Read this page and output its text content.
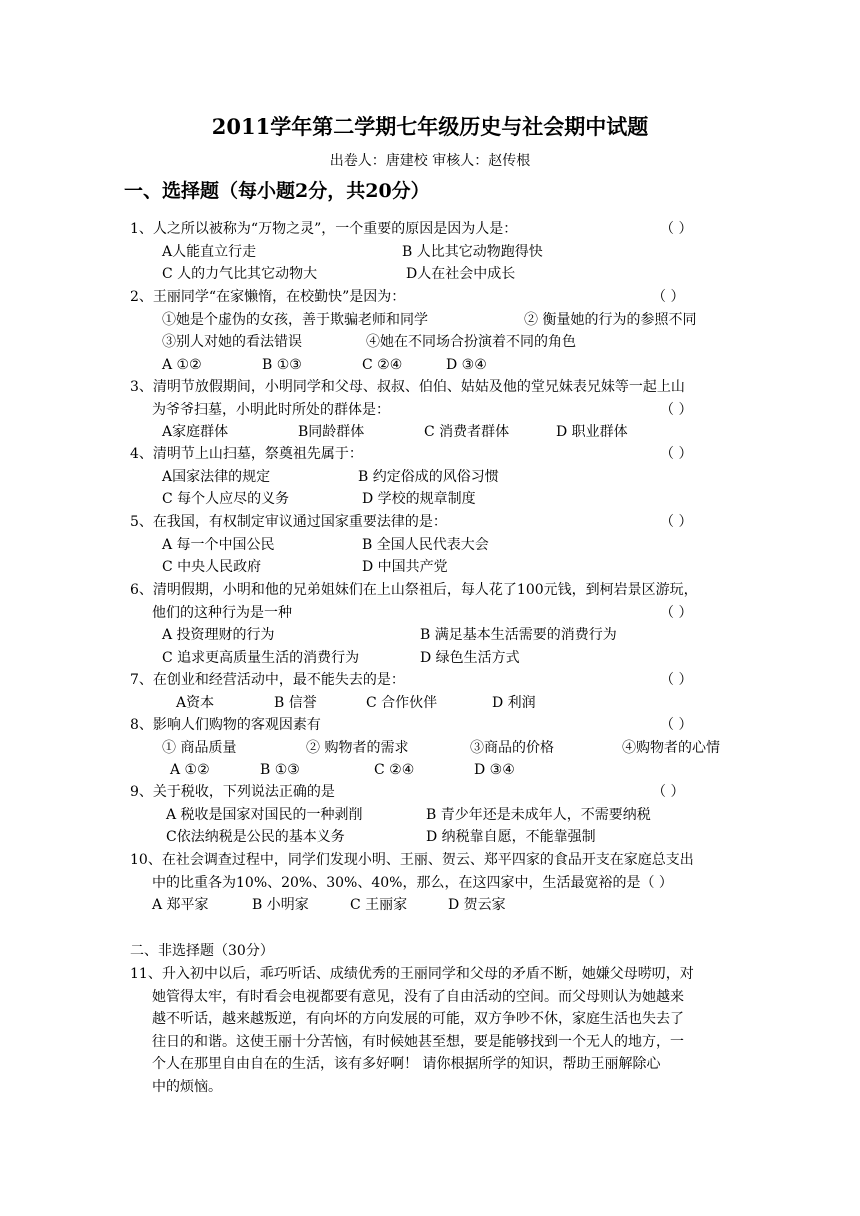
2011学年第二学期七年级历史与社会期中试题
出卷人：唐建校 审核人：赵传根
一、选择题（每小题2分，共20分）
1、人之所以被称为“万物之灵”，一个重要的原因是因为人是：	（ ）
A人能直立行走	B 人比其它动物跑得快
C 人的力气比其它动物大	D人在社会中成长
2、王丽同学“在家懒惰，在校勤快”是因为：	（ ）
①她是个虚伪的女孩，善于欺骗老师和同学	② 衡量她的行为的参照不同
③别人对她的看法错误	④她在不同场合扮演着不同的角色
A ①②	B ①③	C ②④	D ③④
3、清明节放假期间，小明同学和父母、叔叔、伯伯、姑姑及他的堂兄妹表兄妹等一起上山
为爷爷扫墓，小明此时所处的群体是：	（ ）
A家庭群体	B同龄群体	C 消费者群体	D 职业群体
4、清明节上山扫墓，祭奠祖先属于：	（ ）
A国家法律的规定	B 约定俗成的风俗习惯
C 每个人应尽的义务	D 学校的规章制度
5、在我国，有权制定审议通过国家重要法律的是：	（ ）
A 每一个中国公民	B 全国人民代表大会
C 中央人民政府	D 中国共产党
6、清明假期，小明和他的兄弟姐妹们在上山祭祖后，每人花了100元钱，到柯岩景区游玩，
他们的这种行为是一种	（ ）
A 投资理财的行为	B 满足基本生活需要的消费行为
C 追求更高质量生活的消费行为	D 绿色生活方式
7、在创业和经营活动中，最不能失去的是：	（ ）
A资本	B 信誉	C 合作伙伴	D 利润
8、影响人们购物的客观因素有	（ ）
① 商品质量	② 购物者的需求	③商品的价格	④购物者的心情
A ①②	B ①③	C ②④	D ③④
9、关于税收，下列说法正确的是	（ ）
A 税收是国家对国民的一种剥削	B 青少年还是未成年人，不需要纳税
C依法纳税是公民的基本义务	D 纳税靠自愿，不能靠强制
10、在社会调查过程中，同学们发现小明、王丽、贺云、郑平四家的食品开支在家庭总支出
中的比重各为10%、20%、30%、40%，那么，在这四家中，生活最宽裕的是（ ）
A 郑平家	B 小明家	C 王丽家	D 贺云家
二、非选择题（30分）
11、升入初中以后，乖巧听话、成绩优秀的王丽同学和父母的矛盾不断，她嫌父母唠叨，对
她管得太牢，有时看会电视都要有意见，没有了自由活动的空间。而父母则认为她越来
越不听话，越来越叛逆，有向坏的方向发展的可能，双方争吵不休，家庭生活也失去了
往日的和谐。这使王丽十分苦恼，有时候她甚至想，要是能够找到一个无人的地方，一
个人在那里自由自在的生活，该有多好啊！ 请你根据所学的知识，帮助王丽解除心
中的烦恼。
